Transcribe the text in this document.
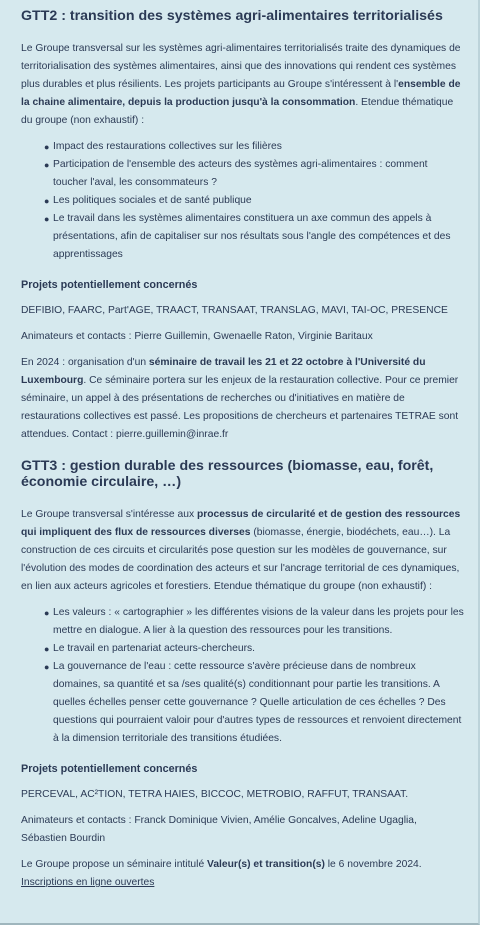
GTT2 : transition des systèmes agri-alimentaires territorialisés

Le Groupe transversal sur les systèmes agri-alimentaires territorialisés traite des dynamiques de territorialisation des systèmes alimentaires, ainsi que des innovations qui rendent ces systèmes plus durables et plus résilients. Les projets participants au Groupe s'intéressent à l'ensemble de la chaine alimentaire, depuis la production jusqu'à la consommation. Etendue thématique du groupe (non exhaustif) :

● Impact des restaurations collectives sur les filières
● Participation de l'ensemble des acteurs des systèmes agri-alimentaires : comment toucher l'aval, les consommateurs ?
● Les politiques sociales et de santé publique
● Le travail dans les systèmes alimentaires constituera un axe commun des appels à présentations, afin de capitaliser sur nos résultats sous l'angle des compétences et des apprentissages
Projets potentiellement concernés

DEFIBIO, FAARC, Part'AGE, TRAACT, TRANSAAT, TRANSLAG, MAVI, TAI-OC, PRESENCE

Animateurs et contacts : Pierre Guillemin, Gwenaelle Raton, Virginie Baritaux

En 2024 : organisation d'un séminaire de travail les 21 et 22 octobre à l'Université du Luxembourg. Ce séminaire portera sur les enjeux de la restauration collective. Pour ce premier séminaire, un appel à des présentations de recherches ou d'initiatives en matière de restaurations collectives est passé. Les propositions de chercheurs et partenaires TETRAE sont attendues. Contact : pierre.guillemin@inrae.fr

GTT3 : gestion durable des ressources (biomasse, eau, forêt, économie circulaire, …)

Le Groupe transversal s'intéresse aux processus de circularité et de gestion des ressources qui impliquent des flux de ressources diverses (biomasse, énergie, biodéchets, eau…). La construction de ces circuits et circularités pose question sur les modèles de gouvernance, sur l'évolution des modes de coordination des acteurs et sur l'ancrage territorial de ces dynamiques, en lien aux acteurs agricoles et forestiers. Etendue thématique du groupe (non exhaustif) :

● Les valeurs : « cartographier » les différentes visions de la valeur dans les projets pour les mettre en dialogue. A lier à la question des ressources pour les transitions.
● Le travail en partenariat acteurs-chercheurs.
● La gouvernance de l'eau : cette ressource s'avère précieuse dans de nombreux domaines, sa quantité et sa /ses qualité(s) conditionnant pour partie les transitions. A quelles échelles penser cette gouvernance ? Quelle articulation de ces échelles ? Des questions qui pourraient valoir pour d'autres types de ressources et renvoient directement à la dimension territoriale des transitions étudiées.
Projets potentiellement concernés

PERCEVAL, AC²TION, TETRA HAIES, BICCOC, METROBIO, RAFFUT, TRANSAAT.

Animateurs et contacts : Franck Dominique Vivien, Amélie Goncalves, Adeline Ugaglia, Sébastien Bourdin

Le Groupe propose un séminaire intitulé Valeur(s) et transition(s) le 6 novembre 2024.

Inscriptions en ligne ouvertes
